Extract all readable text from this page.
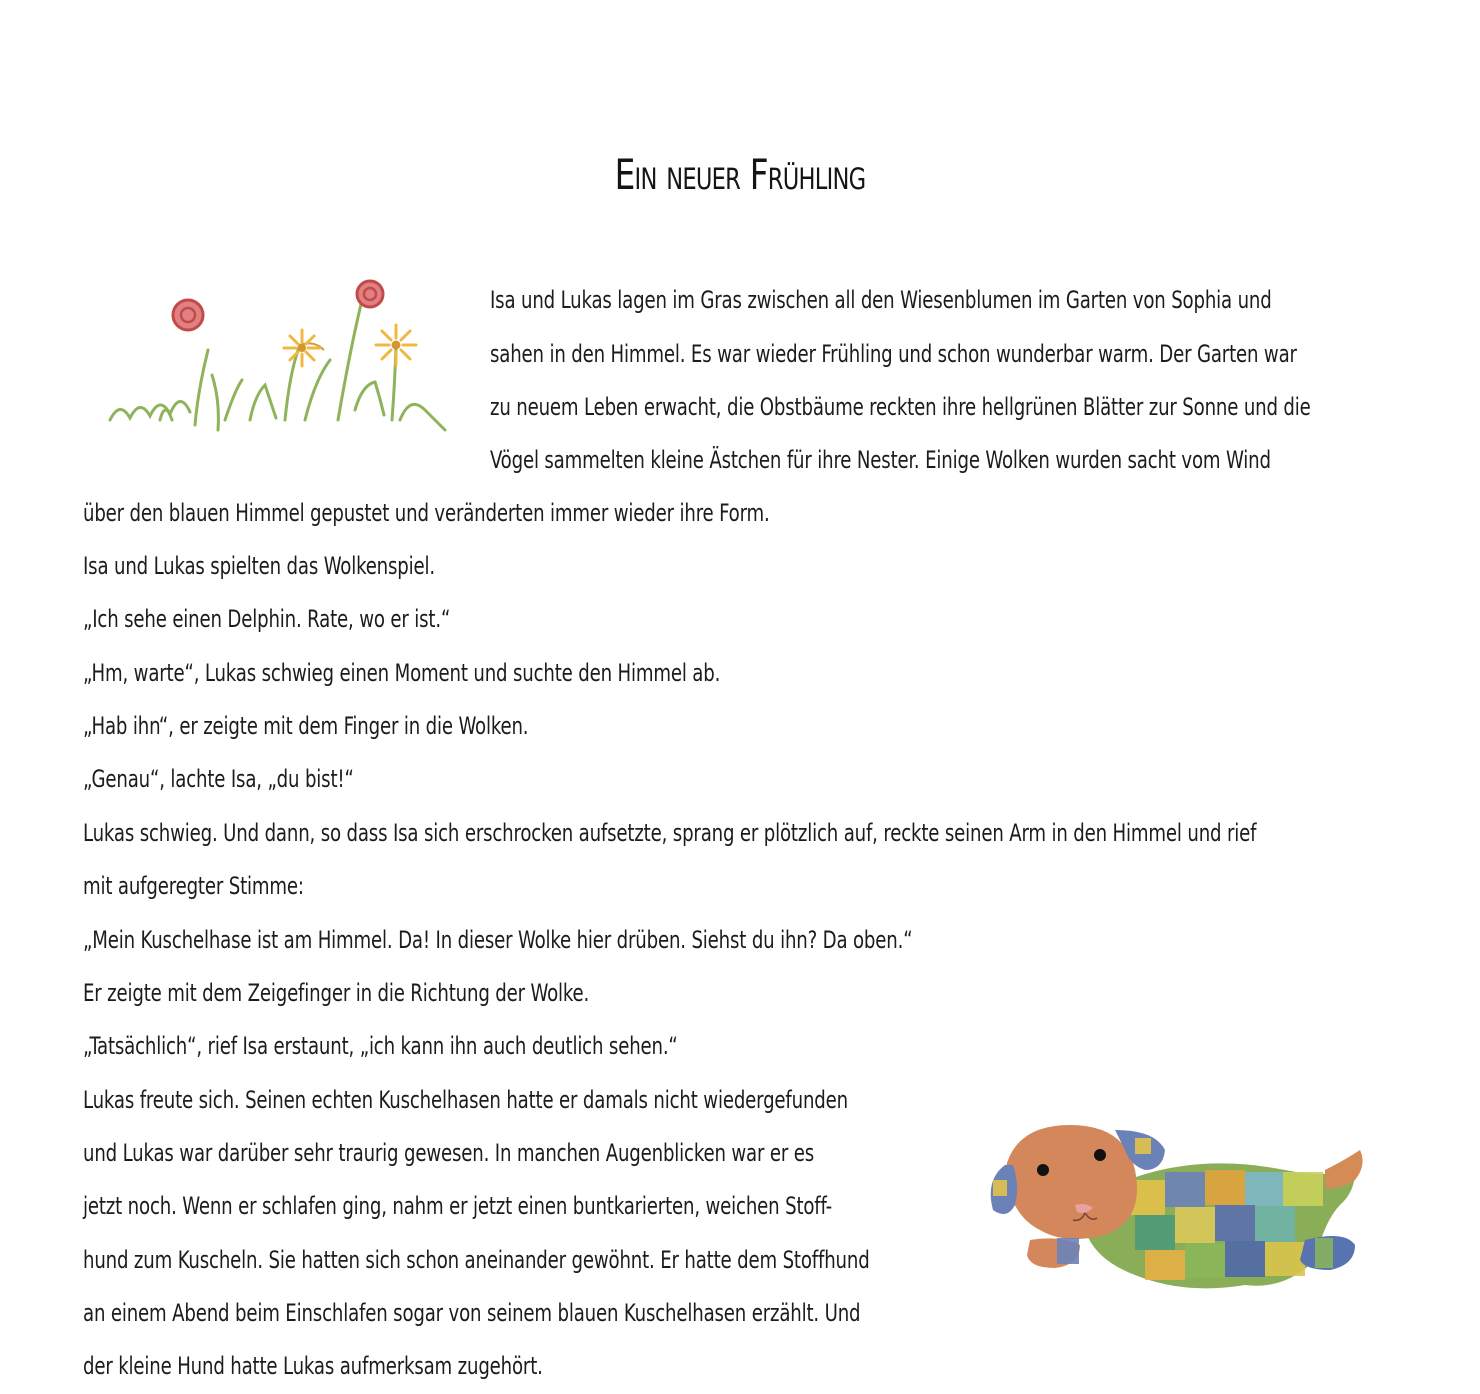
Ein neuer Frühling
Isa und Lukas lagen im Gras zwischen all den Wiesenblumen im Garten von Sophia und
sahen in den Himmel. Es war wieder Frühling und schon wunderbar warm. Der Garten war
zu neuem Leben erwacht, die Obstbäume reckten ihre hellgrünen Blätter zur Sonne und die
Vögel sammelten kleine Ästchen für ihre Nester. Einige Wolken wurden sacht vom Wind
über den blauen Himmel gepustet und veränderten immer wieder ihre Form.
Isa und Lukas spielten das Wolkenspiel.
„Ich sehe einen Delphin. Rate, wo er ist.“
„Hm, warte“, Lukas schwieg einen Moment und suchte den Himmel ab.
„Hab ihn“, er zeigte mit dem Finger in die Wolken.
„Genau“, lachte Isa, „du bist!“
Lukas schwieg. Und dann, so dass Isa sich erschrocken aufsetzte, sprang er plötzlich auf, reckte seinen Arm in den Himmel und rief
mit aufgeregter Stimme:
„Mein Kuschelhase ist am Himmel. Da! In dieser Wolke hier drüben. Siehst du ihn? Da oben.“
Er zeigte mit dem Zeigefinger in die Richtung der Wolke.
„Tatsächlich“, rief Isa erstaunt, „ich kann ihn auch deutlich sehen.“
Lukas freute sich. Seinen echten Kuschelhasen hatte er damals nicht wiedergefunden
und Lukas war darüber sehr traurig gewesen. In manchen Augenblicken war er es
jetzt noch. Wenn er schlafen ging, nahm er jetzt einen buntkarierten, weichen Stoff-
hund zum Kuscheln. Sie hatten sich schon aneinander gewöhnt. Er hatte dem Stoffhund
an einem Abend beim Einschlafen sogar von seinem blauen Kuschelhasen erzählt. Und
der kleine Hund hatte Lukas aufmerksam zugehört.
